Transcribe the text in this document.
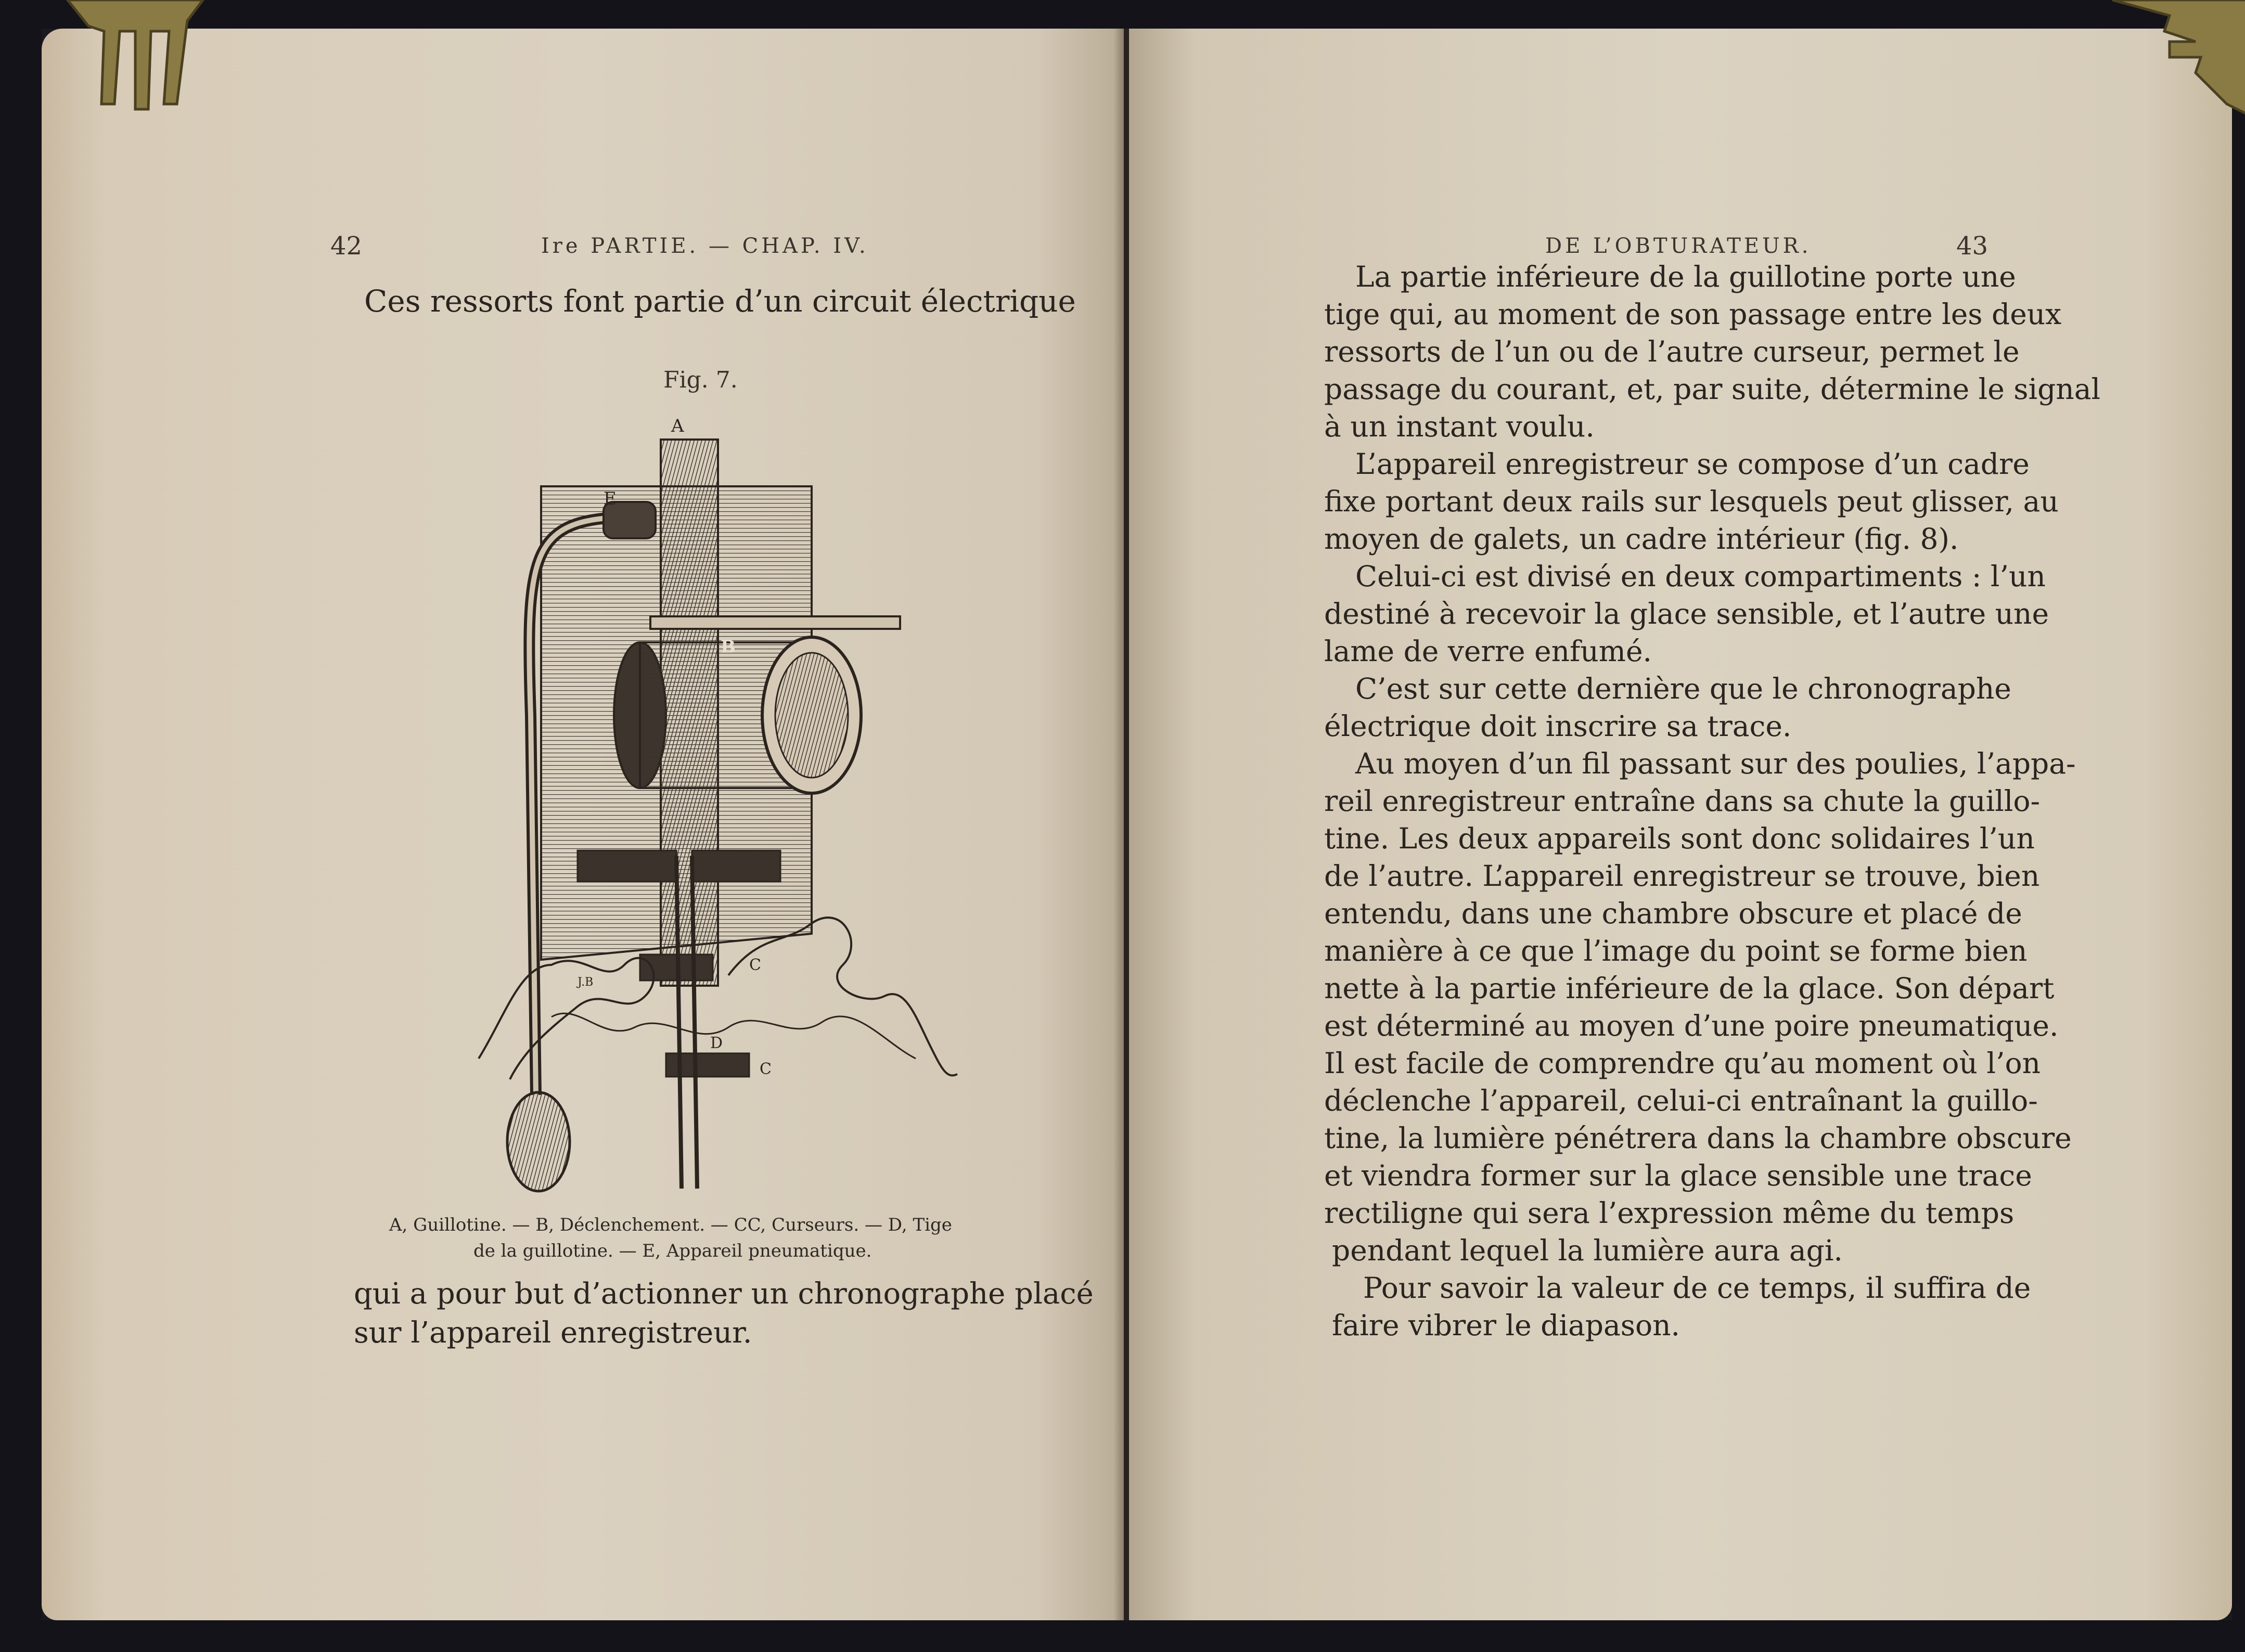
42	Ire PARTIE. — CHAP. IV.
Ces ressorts font partie d’un circuit électrique
Fig. 7.
A
E
B
C
J.B
D
C
A, Guillotine. — B, Déclenchement. — CC, Curseurs. — D, Tige
de la guillotine. — E, Appareil pneumatique.
qui a pour but d’actionner un chronographe placé
sur l’appareil enregistreur.
DE L’OBTURATEUR.	43
La partie inférieure de la guillotine porte une
tige qui, au moment de son passage entre les deux
ressorts de l’un ou de l’autre curseur, permet le
passage du courant, et, par suite, détermine le signal
à un instant voulu.
L’appareil enregistreur se compose d’un cadre
fixe portant deux rails sur lesquels peut glisser, au
moyen de galets, un cadre intérieur (fig. 8).
Celui-ci est divisé en deux compartiments : l’un
destiné à recevoir la glace sensible, et l’autre une
lame de verre enfumé.
C’est sur cette dernière que le chronographe
électrique doit inscrire sa trace.
Au moyen d’un fil passant sur des poulies, l’appa-
reil enregistreur entraîne dans sa chute la guillo-
tine. Les deux appareils sont donc solidaires l’un
de l’autre. L’appareil enregistreur se trouve, bien
entendu, dans une chambre obscure et placé de
manière à ce que l’image du point se forme bien
nette à la partie inférieure de la glace. Son départ
est déterminé au moyen d’une poire pneumatique.
Il est facile de comprendre qu’au moment où l’on
déclenche l’appareil, celui-ci entraînant la guillo-
tine, la lumière pénétrera dans la chambre obscure
et viendra former sur la glace sensible une trace
rectiligne qui sera l’expression même du temps
pendant lequel la lumière aura agi.
Pour savoir la valeur de ce temps, il suffira de
faire vibrer le diapason.
